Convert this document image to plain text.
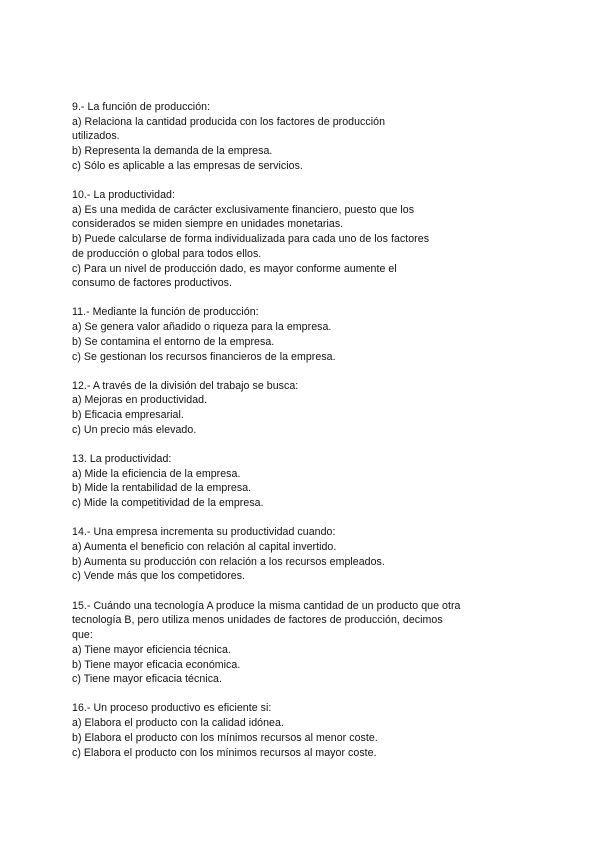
9.- La función de producción:
a) Relaciona la cantidad producida con los factores de producción
utilizados.
b) Representa la demanda de la empresa.
c) Sólo es aplicable a las empresas de servicios.
10.- La productividad:
a) Es una medida de carácter exclusivamente financiero, puesto que los
considerados se miden siempre en unidades monetarias.
b) Puede calcularse de forma individualizada para cada uno de los factores
de producción o global para todos ellos.
c) Para un nivel de producción dado, es mayor conforme aumente el
consumo de factores productivos.
11.- Mediante la función de producción:
a) Se genera valor añadido o riqueza para la empresa.
b) Se contamina el entorno de la empresa.
c) Se gestionan los recursos financieros de la empresa.
12.- A través de la división del trabajo se busca:
a) Mejoras en productividad.
b) Eficacia empresarial.
c) Un precio más elevado.
13. La productividad:
a) Mide la eficiencia de la empresa.
b) Mide la rentabilidad de la empresa.
c) Mide la competitividad de la empresa.
14.- Una empresa incrementa su productividad cuando:
a) Aumenta el beneficio con relación al capital invertido.
b) Aumenta su producción con relación a los recursos empleados.
c) Vende más que los competidores.
15.- Cuándo una tecnología A produce la misma cantidad de un producto que otra
tecnología B, pero utiliza menos unidades de factores de producción, decimos
que:
a) Tiene mayor eficiencia técnica.
b) Tiene mayor eficacia económica.
c) Tiene mayor eficacia técnica.
16.- Un proceso productivo es eficiente si:
a) Elabora el producto con la calidad idónea.
b) Elabora el producto con los mínimos recursos al menor coste.
c) Elabora el producto con los mínimos recursos al mayor coste.
